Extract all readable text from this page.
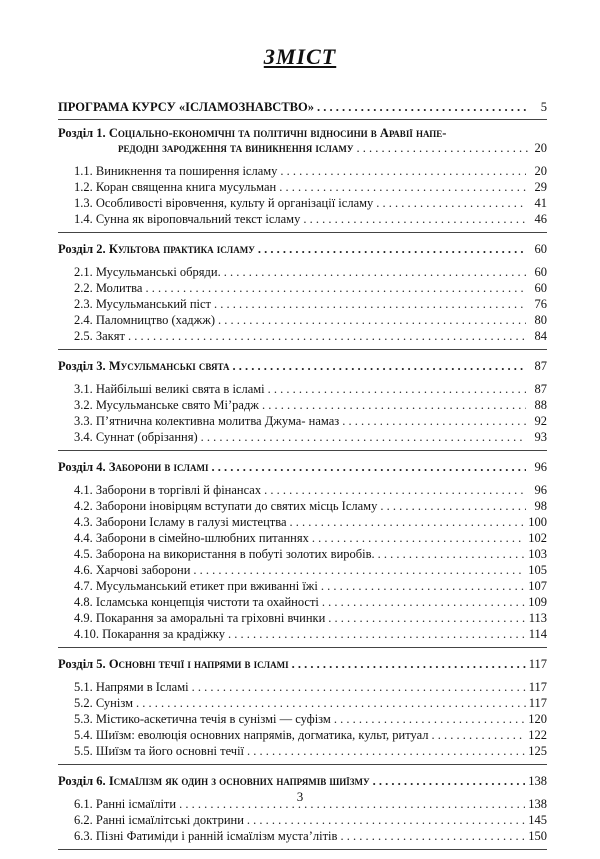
ЗМІСТ
ПРОГРАМА КУРСУ «ІСЛАМОЗНАВСТВО» . . .	5
Розділ 1. Соціально-економічні та політичні відносини в Аравії напе-
редодні зародження та виникнення ісламу . . .	20
1.1. Виникнення та поширення ісламу . . .	20
1.2. Коран священна книга мусульман . . .	29
1.3. Особливості віровчення, культу й організації ісламу . . .	41
1.4. Сунна як віроповчальний текст ісламу . . .	46
Розділ 2. Культова практика ісламу . . .	60
2.1. Мусульманські обряди. . . .	60
2.2. Молитва . . .	60
2.3. Мусульманський піст . . .	76
2.4. Паломництво (хаджж) . . .	80
2.5. Закят . . .	84
Розділ 3. Мусульманські свята . . .	87
3.1. Найбільші великі свята в ісламі . . .	87
3.2. Мусульманське свято Мі’радж . . .	88
3.3. П’ятнична колективна молитва Джума- намаз . . .	92
3.4. Суннат (обрізання) . . .	93
Розділ 4. Заборони в ісламі . . .	96
4.1. Заборони в торгівлі й фінансах . . .	96
4.2. Заборони іновірцям вступати до святих місць Ісламу . . .	98
4.3. Заборони Ісламу в галузі мистецтва . . .	100
4.4. Заборони в сімейно-шлюбних питаннях . . .	102
4.5. Заборона на використання в побуті золотих виробів. . . .	103
4.6. Харчові заборони . . .	105
4.7. Мусульманський етикет при вживанні їжі . . .	107
4.8. Ісламська концепція чистоти та охайності . . .	109
4.9. Покарання за аморальні та гріховні вчинки . . .	113
4.10. Покарання за крадіжку . . .	114
Розділ 5. Основні течії і напрями в ісламі . . .	117
5.1. Напрями в Ісламі . . .	117
5.2. Сунізм . . .	117
5.3. Містико-аскетична течія в сунізмі — суфізм . . .	120
5.4. Шиїзм: еволюція основних напрямів, догматика, культ, ритуал . . .	122
5.5. Шиїзм та його основні течії . . .	125
Розділ 6. Ісмаїлізм як один з основних напрямів шиїзму . . .	138
6.1. Ранні ісмаїліти . . .	138
6.2. Ранні ісмаїлітські доктрини . . .	145
6.3. Пізні Фатиміди і ранній ісмаїлізм муста’літів . . .	150
3
